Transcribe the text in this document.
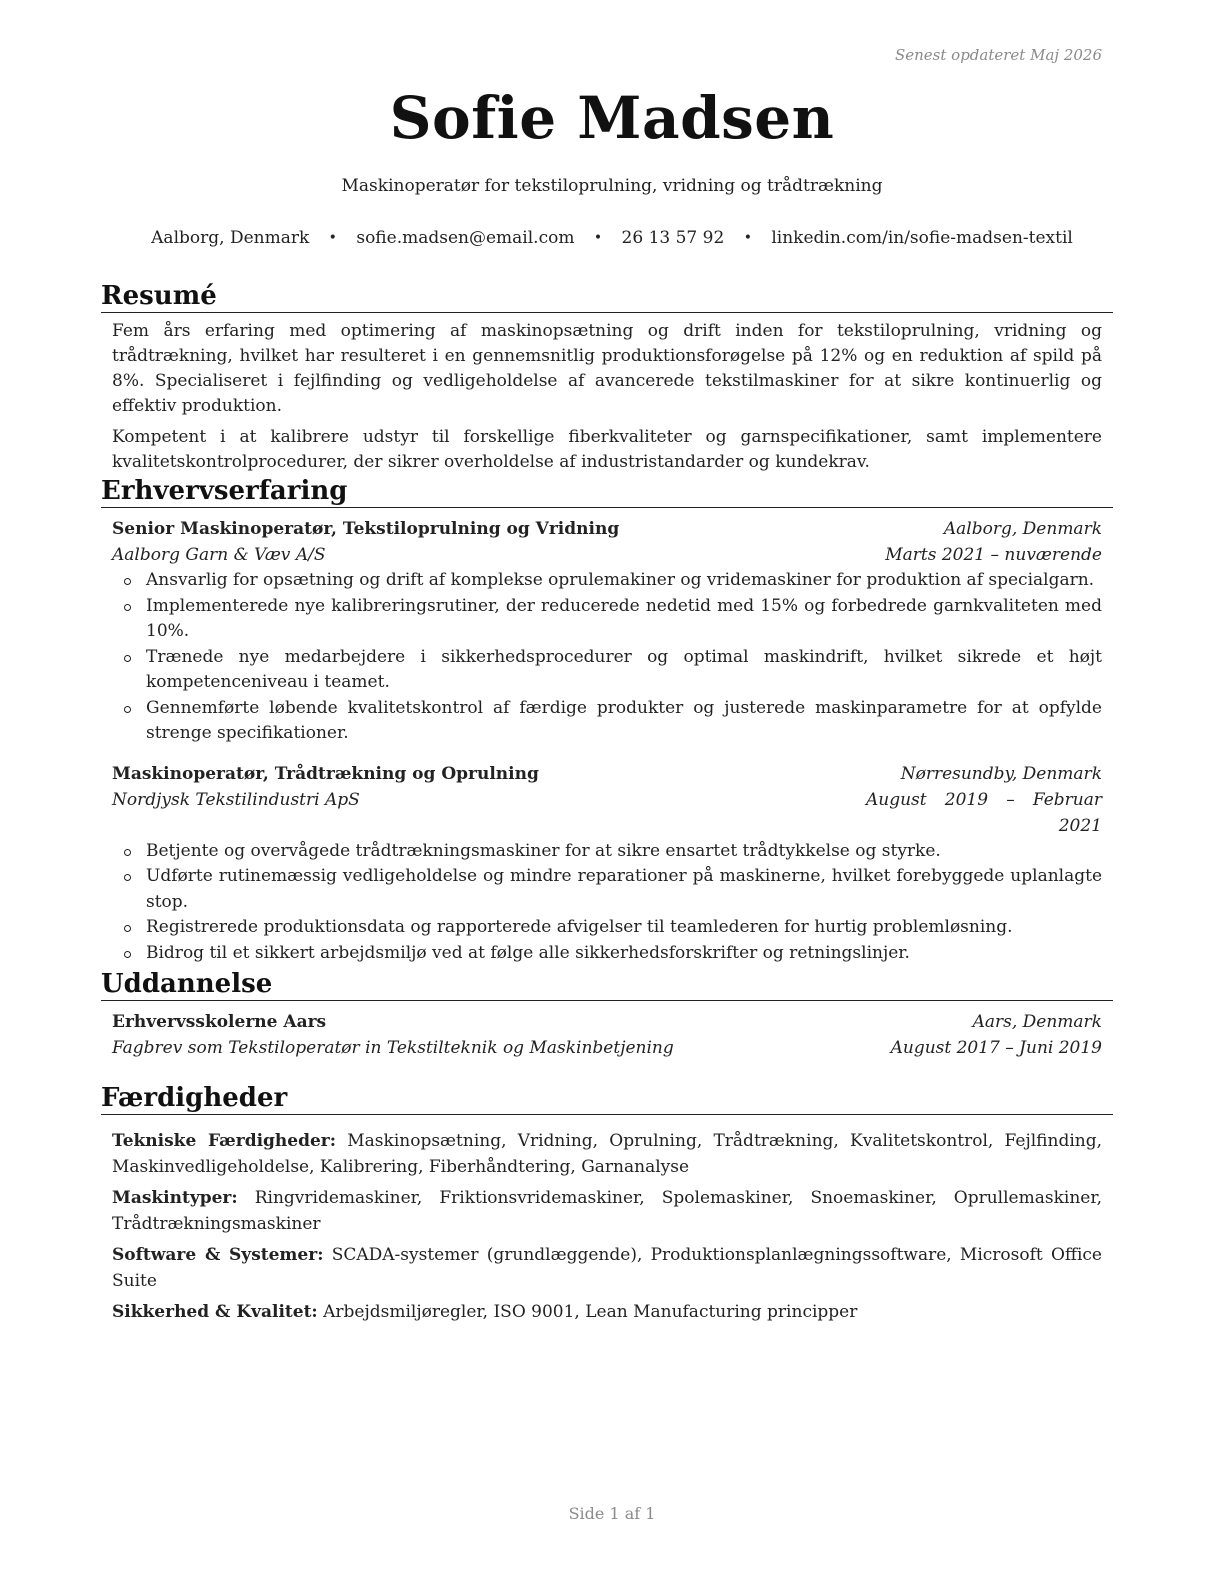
Senest opdateret Maj 2026
Sofie Madsen
Maskinoperatør for tekstiloprulning, vridning og trådtrækning
Aalborg, Denmark • sofie.madsen@email.com • 26 13 57 92 • linkedin.com/in/sofie-madsen-textil
Resumé

Fem års erfaring med optimering af maskinopsætning og drift inden for tekstiloprulning, vridning og trådtrækning, hvilket har resulteret i en gennemsnitlig produktionsforøgelse på 12% og en reduktion af spild på 8%. Specialiseret i fejlfinding og vedligeholdelse af avancerede tekstilmaskiner for at sikre kontinuerlig og effektiv produktion.

Kompetent i at kalibrere udstyr til forskellige fiberkvaliteter og garnspecifikationer, samt implementere kvalitetskontrolprocedurer, der sikrer overholdelse af industristandarder og kundekrav.

Erhvervserfaring
Senior Maskinoperatør, Tekstiloprulning og Vridning	Aalborg, Denmark
Aalborg Garn & Væv A/S	Marts 2021 – nuværende
Ansvarlig for opsætning og drift af komplekse oprulemakiner og vridemaskiner for produktion af specialgarn.
Implementerede nye kalibreringsrutiner, der reducerede nedetid med 15% og forbedrede garnkvaliteten med 10%.
Trænede nye medarbejdere i sikkerhedsprocedurer og optimal maskindrift, hvilket sikrede et højt kompetenceniveau i teamet.
Gennemførte løbende kvalitetskontrol af færdige produkter og justerede maskinparametre for at opfylde strenge specifikationer.
Maskinoperatør, Trådtrækning og Oprulning	Nørresundby, Denmark
Nordjysk Tekstilindustri ApS	August 2019 – Februar 2021
Betjente og overvågede trådtrækningsmaskiner for at sikre ensartet trådtykkelse og styrke.
Udførte rutinemæssig vedligeholdelse og mindre reparationer på maskinerne, hvilket forebyggede uplanlagte stop.
Registrerede produktionsdata og rapporterede afvigelser til teamlederen for hurtig problemløsning.
Bidrog til et sikkert arbejdsmiljø ved at følge alle sikkerhedsforskrifter og retningslinjer.
Uddannelse
Erhvervsskolerne Aars	Aars, Denmark
Fagbrev som Tekstiloperatør in Tekstilteknik og Maskinbetjening	August 2017 – Juni 2019
Færdigheder

Tekniske Færdigheder: Maskinopsætning, Vridning, Oprulning, Trådtrækning, Kvalitetskontrol, Fejlfinding, Maskinvedligeholdelse, Kalibrering, Fiberhåndtering, Garnanalyse

Maskintyper: Ringvridemaskiner, Friktionsvridemaskiner, Spolemaskiner, Snoemaskiner, Oprullemaskiner, Trådtrækningsmaskiner

Software & Systemer: SCADA-systemer (grundlæggende), Produktionsplanlægningssoftware, Microsoft Office Suite

Sikkerhed & Kvalitet: Arbejdsmiljøregler, ISO 9001, Lean Manufacturing principper

Side 1 af 1
